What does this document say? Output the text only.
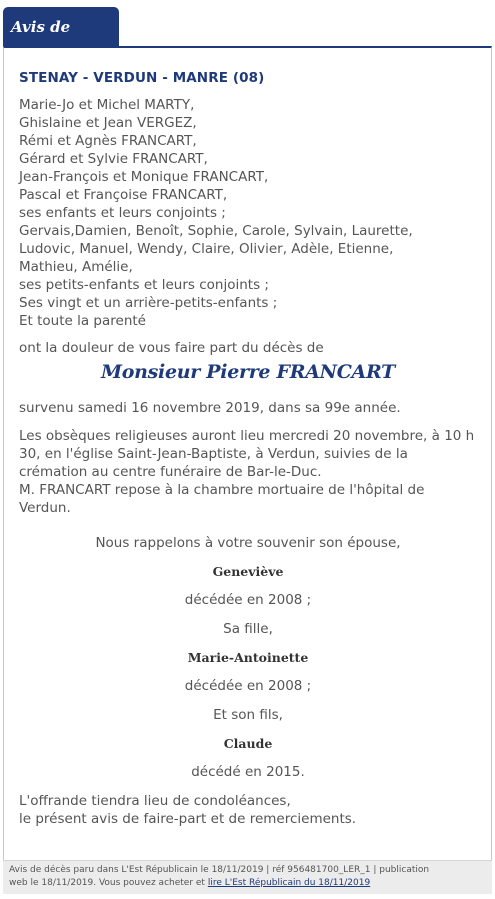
Avis de
STENAY - VERDUN - MANRE (08)
Marie-Jo et Michel MARTY,
Ghislaine et Jean VERGEZ,
Rémi et Agnès FRANCART,
Gérard et Sylvie FRANCART,
Jean-François et Monique FRANCART,
Pascal et Françoise FRANCART,
ses enfants et leurs conjoints ;
Gervais,Damien, Benoît, Sophie, Carole, Sylvain, Laurette,
Ludovic, Manuel, Wendy, Claire, Olivier, Adèle, Etienne,
Mathieu, Amélie,
ses petits-enfants et leurs conjoints ;
Ses vingt et un arrière-petits-enfants ;
Et toute la parenté
ont la douleur de vous faire part du décès de
Monsieur Pierre FRANCART
survenu samedi 16 novembre 2019, dans sa 99e année.
Les obsèques religieuses auront lieu mercredi 20 novembre, à 10 h 30, en l'église Saint-Jean-Baptiste, à Verdun, suivies de la crémation au centre funéraire de Bar-le-Duc.
M. FRANCART repose à la chambre mortuaire de l'hôpital de Verdun.
Nous rappelons à votre souvenir son épouse,
Geneviève
décédée en 2008 ;
Sa fille,
Marie-Antoinette
décédée en 2008 ;
Et son fils,
Claude
décédé en 2015.
L'offrande tiendra lieu de condoléances,
le présent avis de faire-part et de remerciements.
Avis de décès paru dans L'Est Républicain le 18/11/2019 | réf 956481700_LER_1 | publication
web le 18/11/2019. Vous pouvez acheter et lire L'Est Républicain du 18/11/2019
